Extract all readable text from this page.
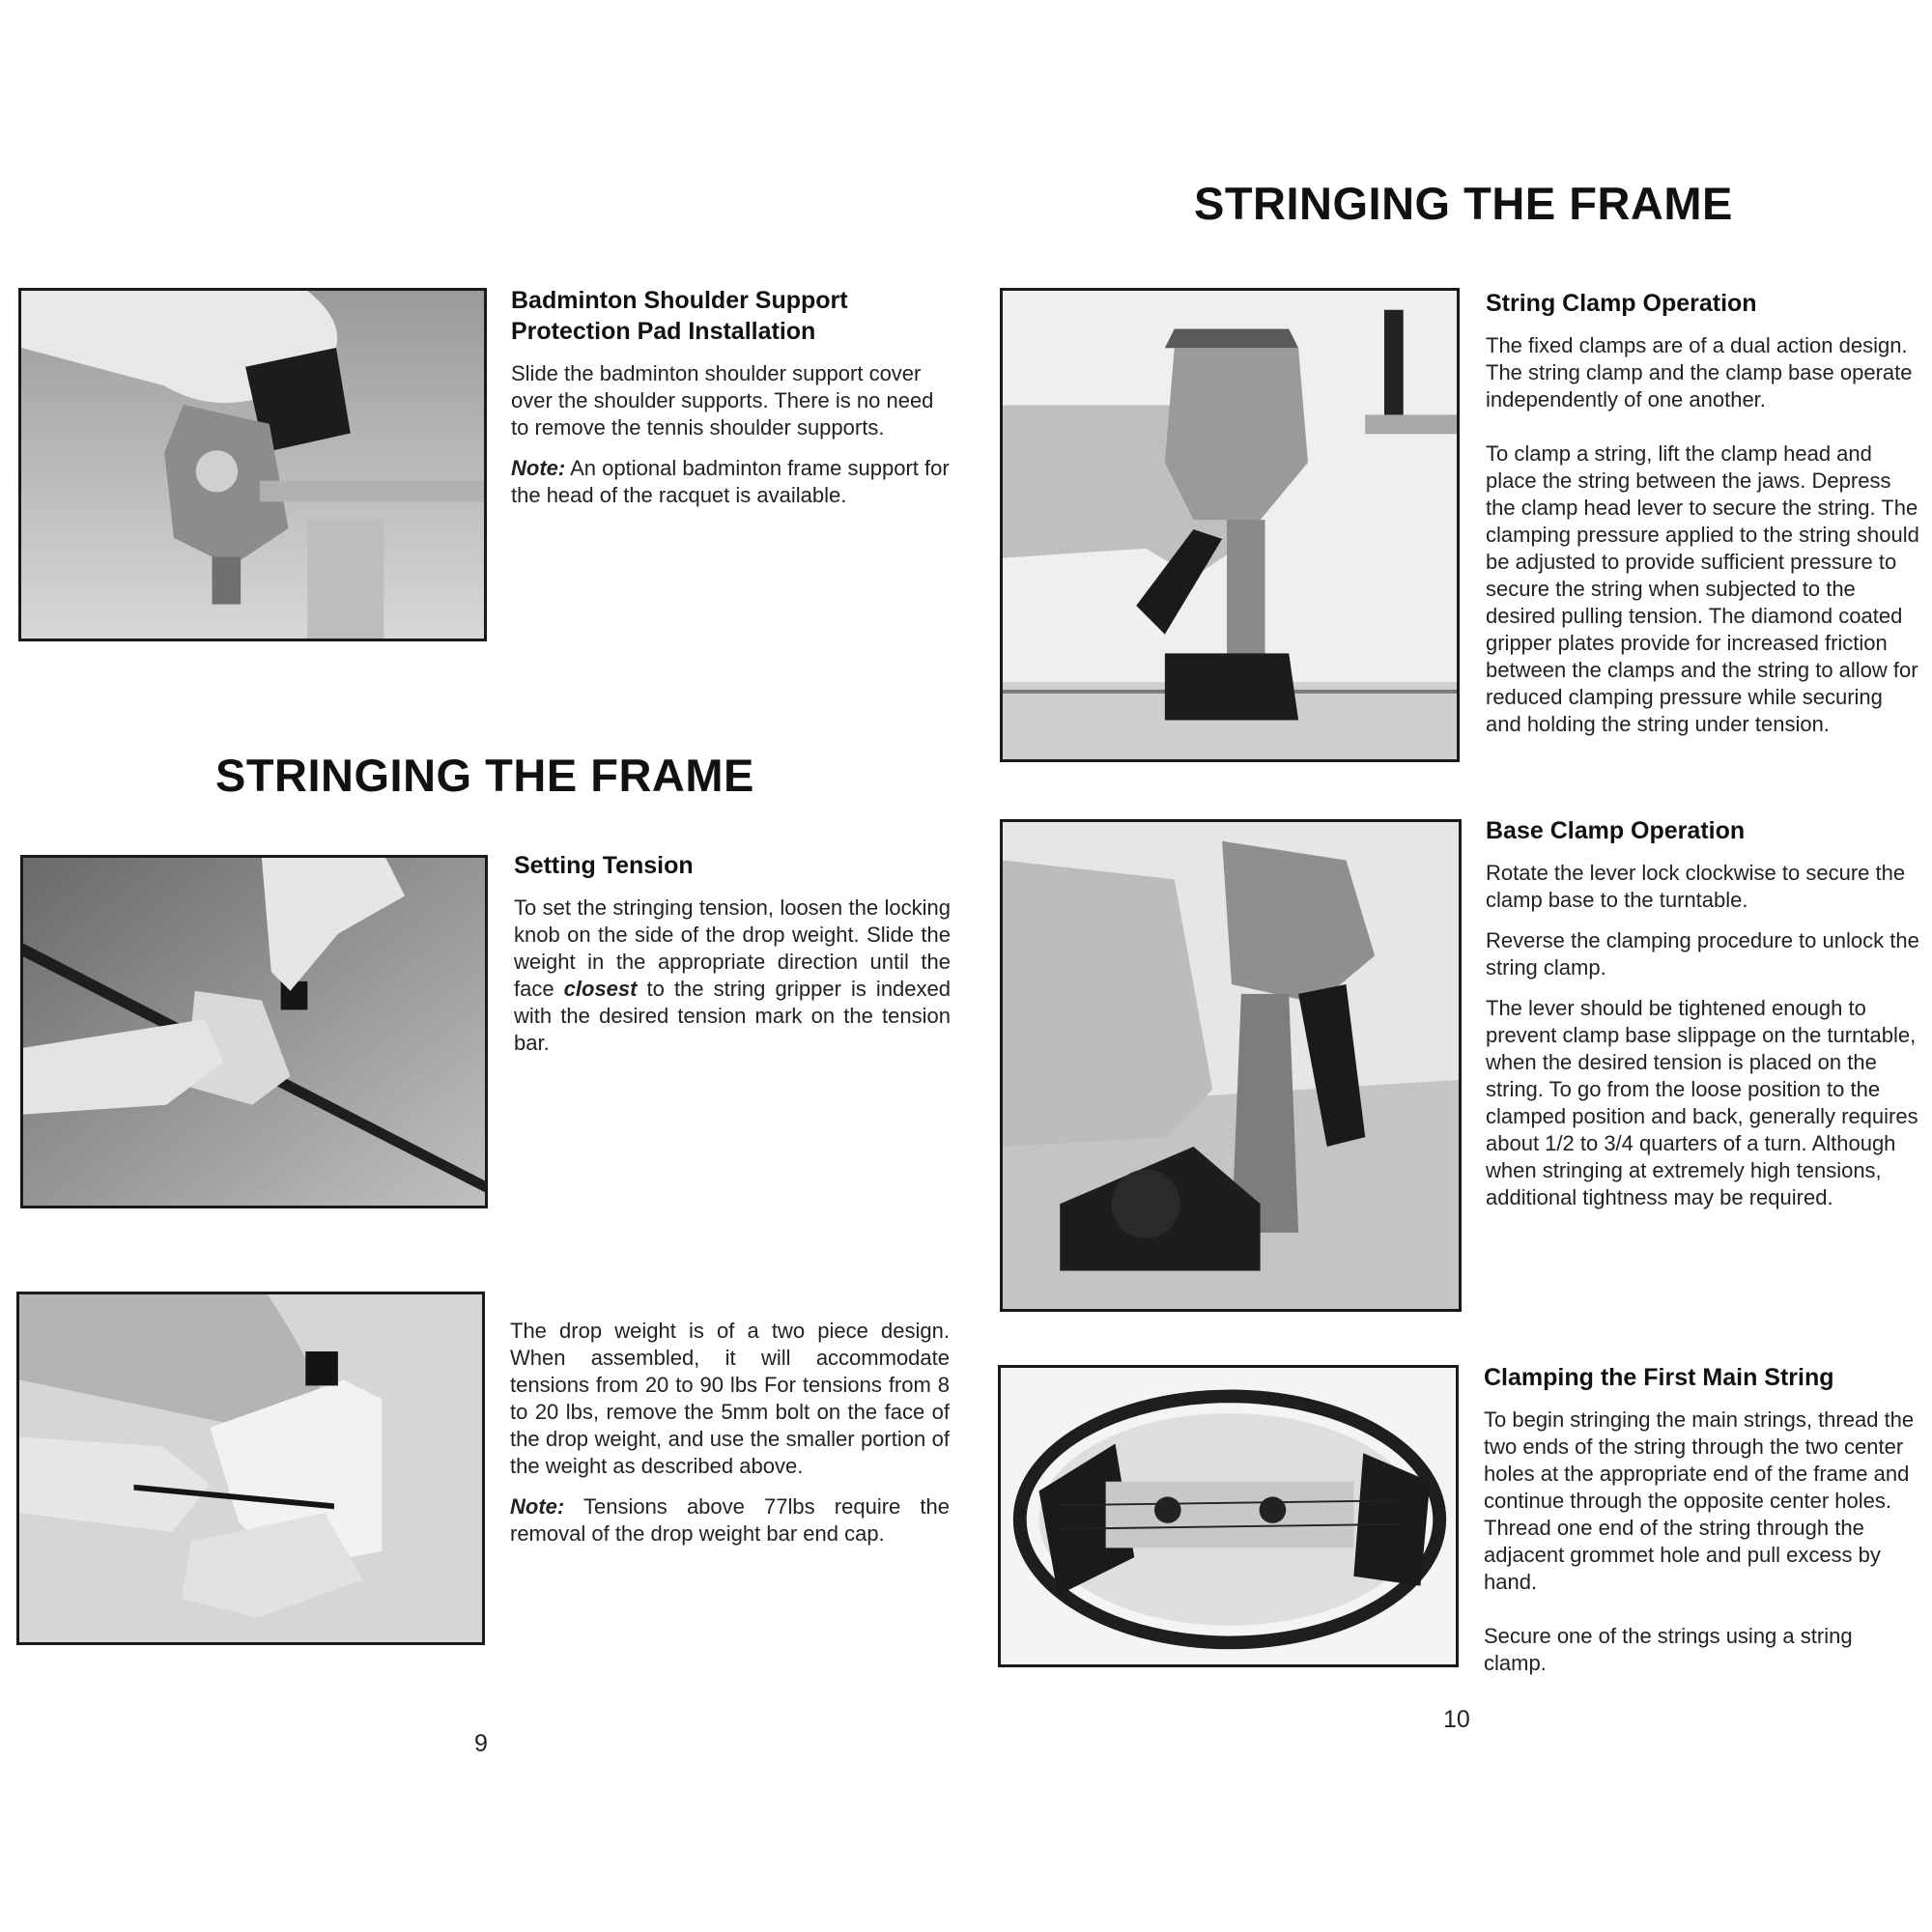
Badminton Shoulder Support Protection Pad Installation
Slide the badminton shoulder support cover over the shoulder supports. There is no need to remove the tennis shoulder supports.
Note: An optional badminton frame support for the head of the racquet is available.
STRINGING THE FRAME
Setting Tension
To set the stringing tension, loosen the locking knob on the side of the drop weight. Slide the weight in the appropriate direction until the face closest to the string gripper is indexed with the desired tension mark on the tension bar.
The drop weight is of a two piece design. When assembled, it will accommodate tensions from 20 to 90 lbs For tensions from 8 to 20 lbs, remove the 5mm bolt on the face of the drop weight, and use the smaller portion of the weight as described above.
Note: Tensions above 77lbs require the removal of the drop weight bar end cap.
9
STRINGING THE FRAME
String Clamp Operation
The fixed clamps are of a dual action design. The string clamp and the clamp base operate independently of one another.
To clamp a string, lift the clamp head and place the string between the jaws. Depress the clamp head lever to secure the string. The clamping pressure applied to the string should be adjusted to provide sufficient pressure to secure the string when subjected to the desired pulling tension. The diamond coated gripper plates provide for increased friction between the clamps and the string to allow for reduced clamping pressure while securing and holding the string under tension.
Base Clamp Operation
Rotate the lever lock clockwise to secure the clamp base to the turntable.
Reverse the clamping procedure to unlock the string clamp.
The lever should be tightened enough to prevent clamp base slippage on the turntable, when the desired tension is placed on the string. To go from the loose position to the clamped position and back, generally requires about 1/2 to 3/4 quarters of a turn. Although when stringing at extremely high tensions, additional tightness may be required.
Clamping the First Main String
To begin stringing the main strings, thread the two ends of the string through the two center holes at the appropriate end of the frame and continue through the opposite center holes. Thread one end of the string through the adjacent grommet hole and pull excess by hand.
Secure one of the strings using a string clamp.
10
